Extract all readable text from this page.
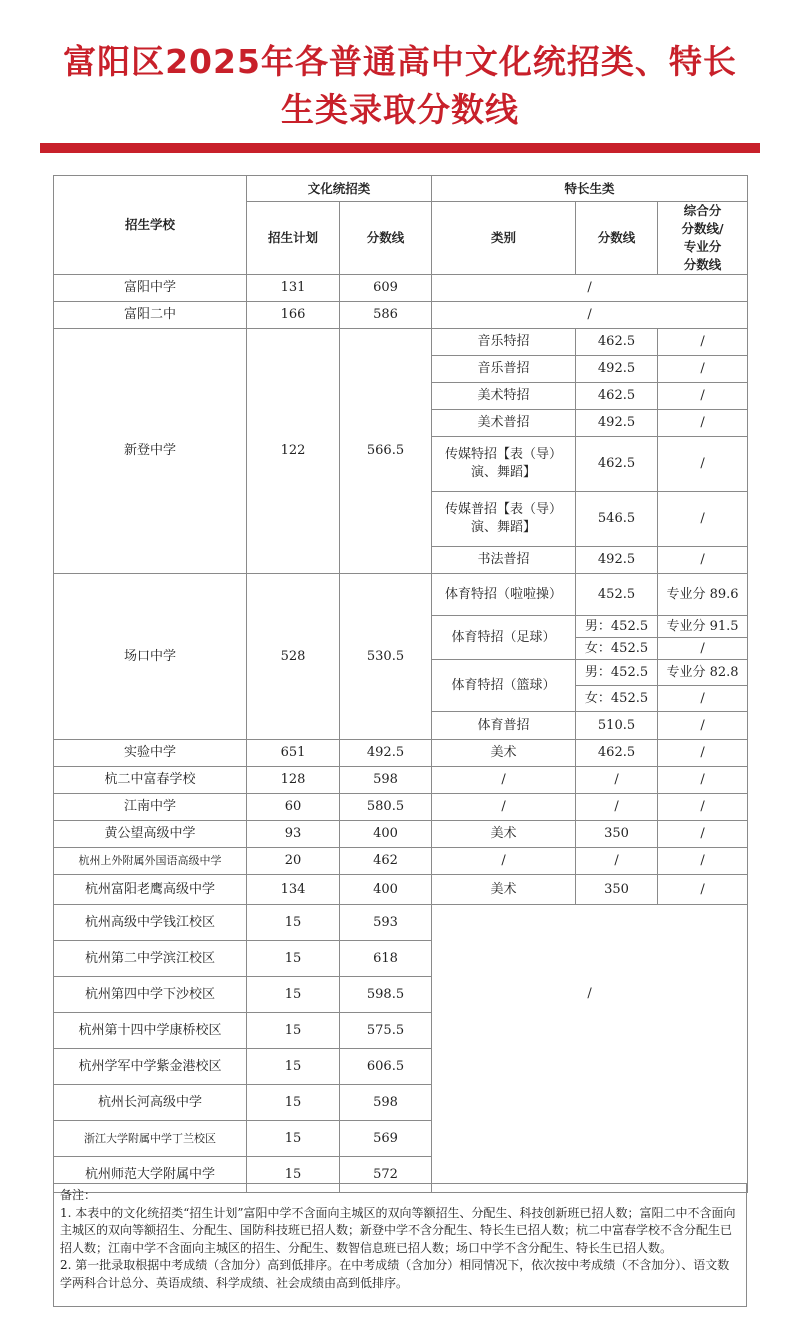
富阳区2025年各普通高中文化统招类、特长
生类录取分数线
招生学校	文化统招类		特长生类		
	招生计划	分数线	类别	分数线	综合分
分数线/
专业分
分数线

富阳中学	131	609	/		
富阳二中	166	586	/		
新登中学	122	566.5	音乐特招	462.5	/
			音乐普招	492.5	/
			美术特招	462.5	/
			美术普招	492.5	/
			传媒特招【表（导）演、舞蹈】	462.5	/
			传媒普招【表（导）演、舞蹈】	546.5	/
			书法普招	492.5	/
场口中学	528	530.5	体育特招（啦啦操）	452.5	专业分 89.6
			体育特招（足球）	男：452.5	专业分 91.5
				女：452.5	/
			体育特招（篮球）	男：452.5	专业分 82.8
				女：452.5	/
			体育普招	510.5	/
实验中学	651	492.5	美术	462.5	/
杭二中富春学校	128	598	/	/	/
江南中学	60	580.5	/	/	/
黄公望高级中学	93	400	美术	350	/
杭州上外附属外国语高级中学	20	462	/	/	/
杭州富阳老鹰高级中学	134	400	美术	350	/
杭州高级中学钱江校区	15	593	/		
杭州第二中学滨江校区	15	618			
杭州第四中学下沙校区	15	598.5			
杭州第十四中学康桥校区	15	575.5			
杭州学军中学紫金港校区	15	606.5			
杭州长河高级中学	15	598			
浙江大学附属中学丁兰校区	15	569			
杭州师范大学附属中学	15	572			
备注：
1. 本表中的文化统招类“招生计划”富阳中学不含面向主城区的双向等额招生、分配生、科技创新班已招人数；富阳二中不含面向主城区的双向等额招生、分配生、国防科技班已招人数；新登中学不含分配生、特长生已招人数；杭二中富春学校不含分配生已招人数；江南中学不含面向主城区的招生、分配生、数智信息班已招人数；场口中学不含分配生、特长生已招人数。
2. 第一批录取根据中考成绩（含加分）高到低排序。在中考成绩（含加分）相同情况下，依次按中考成绩（不含加分）、语文数学两科合计总分、英语成绩、科学成绩、社会成绩由高到低排序。
